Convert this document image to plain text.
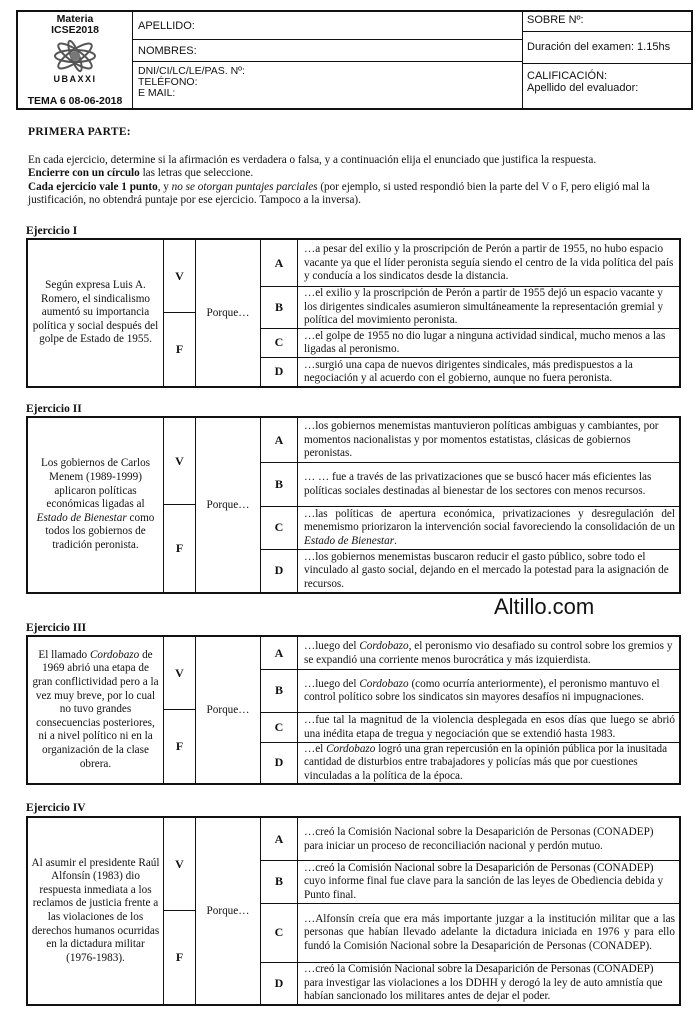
Materia
ICSE2018
UBAXXI
TEMA 6 08-06-2018
APELLIDO:
NOMBRES:
DNI/CI/LC/LE/PAS. Nº:
TELÉFONO:
E MAIL:
SOBRE Nº:
Duración del examen: 1.15hs
CALIFICACIÓN:
Apellido del evaluador:
PRIMERA PARTE:
En cada ejercicio, determine si la afirmación es verdadera o falsa, y a continuación elija el enunciado que justifica la respuesta.
Encierre con un círculo las letras que seleccione.
Cada ejercicio vale 1 punto, y no se otorgan puntajes parciales (por ejemplo, si usted respondió bien la parte del V o F, pero eligió mal la justificación, no obtendrá puntaje por ese ejercicio. Tampoco a la inversa).
Ejercicio I
Según expresa Luis A. Romero, el sindicalismo aumentó su importancia política y social después del golpe de Estado de 1955.
V
F
Porque…
A
…a pesar del exilio y la proscripción de Perón a partir de 1955, no hubo espacio vacante ya que el líder peronista seguía siendo el centro de la vida política del país y conducía a los sindicatos desde la distancia.
B
…el exilio y la proscripción de Perón a partir de 1955 dejó un espacio vacante y los dirigentes sindicales asumieron simultáneamente la representación gremial y política del movimiento peronista.
C	…el golpe de 1955 no dio lugar a ninguna actividad sindical, mucho menos a las ligadas al peronismo.
D	…surgió una capa de nuevos dirigentes sindicales, más predispuestos a la negociación y al acuerdo con el gobierno, aunque no fuera peronista.
Ejercicio II
Los gobiernos de Carlos Menem (1989-1999) aplicaron políticas económicas ligadas al Estado de Bienestar como todos los gobiernos de tradición peronista.
V
F
Porque…
A
…los gobiernos menemistas mantuvieron políticas ambiguas y cambiantes, por momentos nacionalistas y por momentos estatistas, clásicas de gobiernos peronistas.
B	… … fue a través de las privatizaciones que se buscó hacer más eficientes las políticas sociales destinadas al bienestar de los sectores con menos recursos.
C
…las políticas de apertura económica, privatizaciones y desregulación del menemismo priorizaron la intervención social favoreciendo la consolidación de un Estado de Bienestar.
D
…los gobiernos menemistas buscaron reducir el gasto público, sobre todo el vinculado al gasto social, dejando en el mercado la potestad para la asignación de recursos.
Altillo.com
Ejercicio III
El llamado Cordobazo de 1969 abrió una etapa de gran conflictividad pero a la vez muy breve, por lo cual no tuvo grandes consecuencias posteriores, ni a nivel político ni en la organización de la clase obrera.
V
F
Porque…
A	…luego del Cordobazo, el peronismo vio desafiado su control sobre los gremios y se expandió una corriente menos burocrática y más izquierdista.
B	…luego del Cordobazo (como ocurría anteriormente), el peronismo mantuvo el control político sobre los sindicatos sin mayores desafíos ni impugnaciones.
C	…fue tal la magnitud de la violencia desplegada en esos días que luego se abrió una inédita etapa de tregua y negociación que se extendió hasta 1983.
D
…el Cordobazo logró una gran repercusión en la opinión pública por la inusitada cantidad de disturbios entre trabajadores y policías más que por cuestiones vinculadas a la política de la época.
Ejercicio IV
Al asumir el presidente Raúl Alfonsín (1983) dio respuesta inmediata a los reclamos de justicia frente a las violaciones de los derechos humanos ocurridas en la dictadura militar (1976-1983).
V
F
Porque…
A	…creó la Comisión Nacional sobre la Desaparición de Personas (CONADEP) para iniciar un proceso de reconciliación nacional y perdón mutuo.
B
…creó la Comisión Nacional sobre la Desaparición de Personas (CONADEP) cuyo informe final fue clave para la sanción de las leyes de Obediencia debida y Punto final.
C
…Alfonsín creía que era más importante juzgar a la institución militar que a las personas que habían llevado adelante la dictadura iniciada en 1976 y para ello fundó la Comisión Nacional sobre la Desaparición de Personas (CONADEP).
D
…creó la Comisión Nacional sobre la Desaparición de Personas (CONADEP) para investigar las violaciones a los DDHH y derogó la ley de auto amnistía que habían sancionado los militares antes de dejar el poder.
